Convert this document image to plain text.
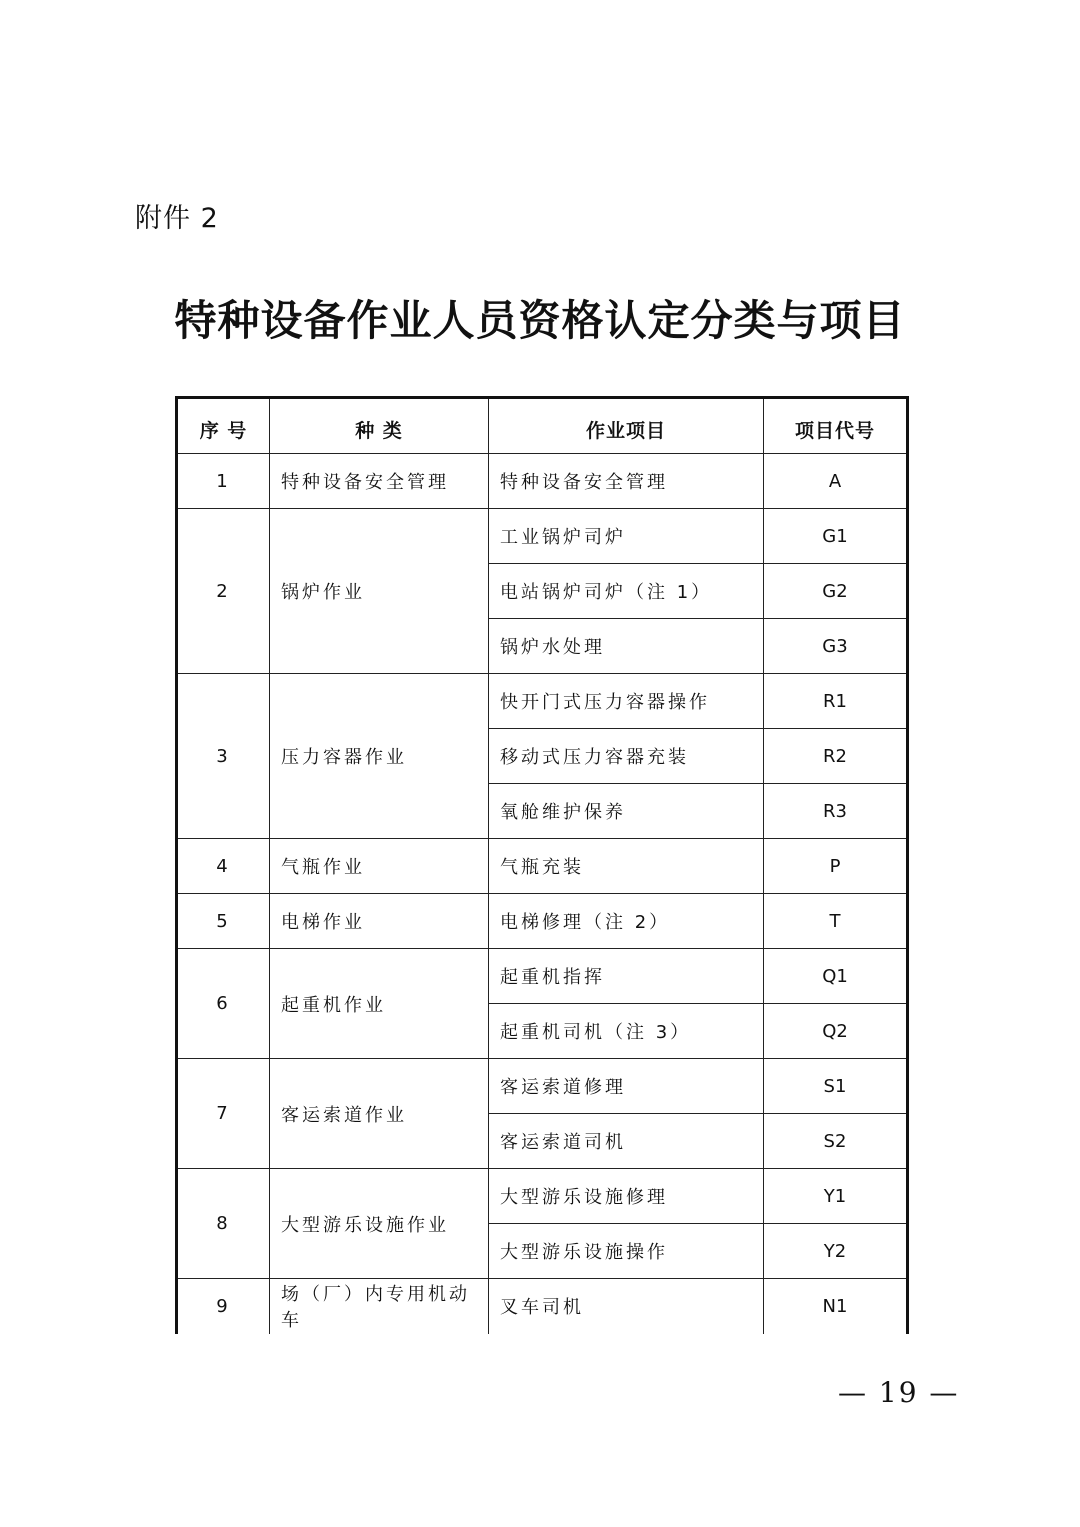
附件 2
特种设备作业人员资格认定分类与项目
序 号	种 类	作业项目	项目代号
1	特种设备安全管理	特种设备安全管理	A
2	锅炉作业	工业锅炉司炉	G1
		电站锅炉司炉（注 1）	G2
		锅炉水处理	G3
3	压力容器作业	快开门式压力容器操作	R1
		移动式压力容器充装	R2
		氧舱维护保养	R3
4	气瓶作业	气瓶充装	P
5	电梯作业	电梯修理（注 2）	T
6	起重机作业	起重机指挥	Q1
		起重机司机（注 3）	Q2
7	客运索道作业	客运索道修理	S1
		客运索道司机	S2
8	大型游乐设施作业	大型游乐设施修理	Y1
		大型游乐设施操作	Y2
9	场（厂）内专用机动车	叉车司机	N1
— 19 —
